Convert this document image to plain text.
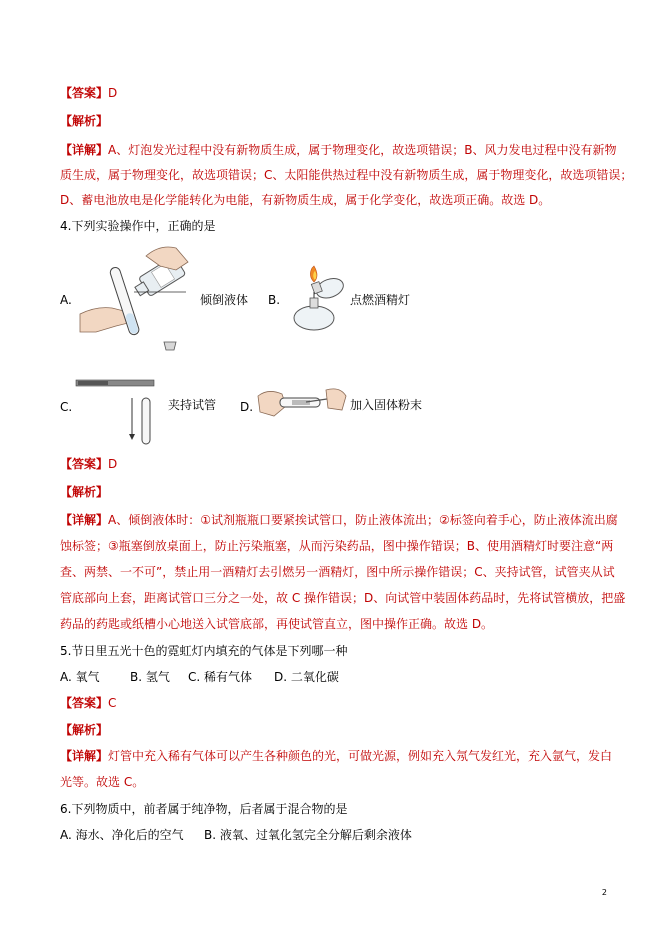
【答案】D
【解析】
【详解】A、灯泡发光过程中没有新物质生成，属于物理变化，故选项错误；B、风力发电过程中没有新物
质生成，属于物理变化，故选项错误；C、太阳能供热过程中没有新物质生成，属于物理变化，故选项错误；
D、蓄电池放电是化学能转化为电能，有新物质生成，属于化学变化，故选项正确。故选 D。
4.下列实验操作中，正确的是
A.	倾倒液体 B.	点燃酒精灯
C.	夹持试管 D.	加入固体粉末
【答案】D
【解析】
【详解】A、倾倒液体时：①试剂瓶瓶口要紧挨试管口，防止液体流出；②标签向着手心，防止液体流出腐
蚀标签；③瓶塞倒放桌面上，防止污染瓶塞，从而污染药品，图中操作错误；B、使用酒精灯时要注意“两
查、两禁、一不可”，禁止用一酒精灯去引燃另一酒精灯，图中所示操作错误；C、夹持试管，试管夹从试
管底部向上套，距离试管口三分之一处，故 C 操作错误；D、向试管中装固体药品时，先将试管横放，把盛
药品的药匙或纸槽小心地送入试管底部，再使试管直立，图中操作正确。故选 D。
5.节日里五光十色的霓虹灯内填充的气体是下列哪一种
A. 氧气	B. 氢气 C. 稀有气体 D. 二氧化碳
【答案】C
【解析】
【详解】灯管中充入稀有气体可以产生各种颜色的光，可做光源，例如充入氖气发红光，充入氩气，发白
光等。故选 C。
6.下列物质中，前者属于纯净物，后者属于混合物的是
A. 海水、净化后的空气 B. 液氧、过氧化氢完全分解后剩余液体
2
